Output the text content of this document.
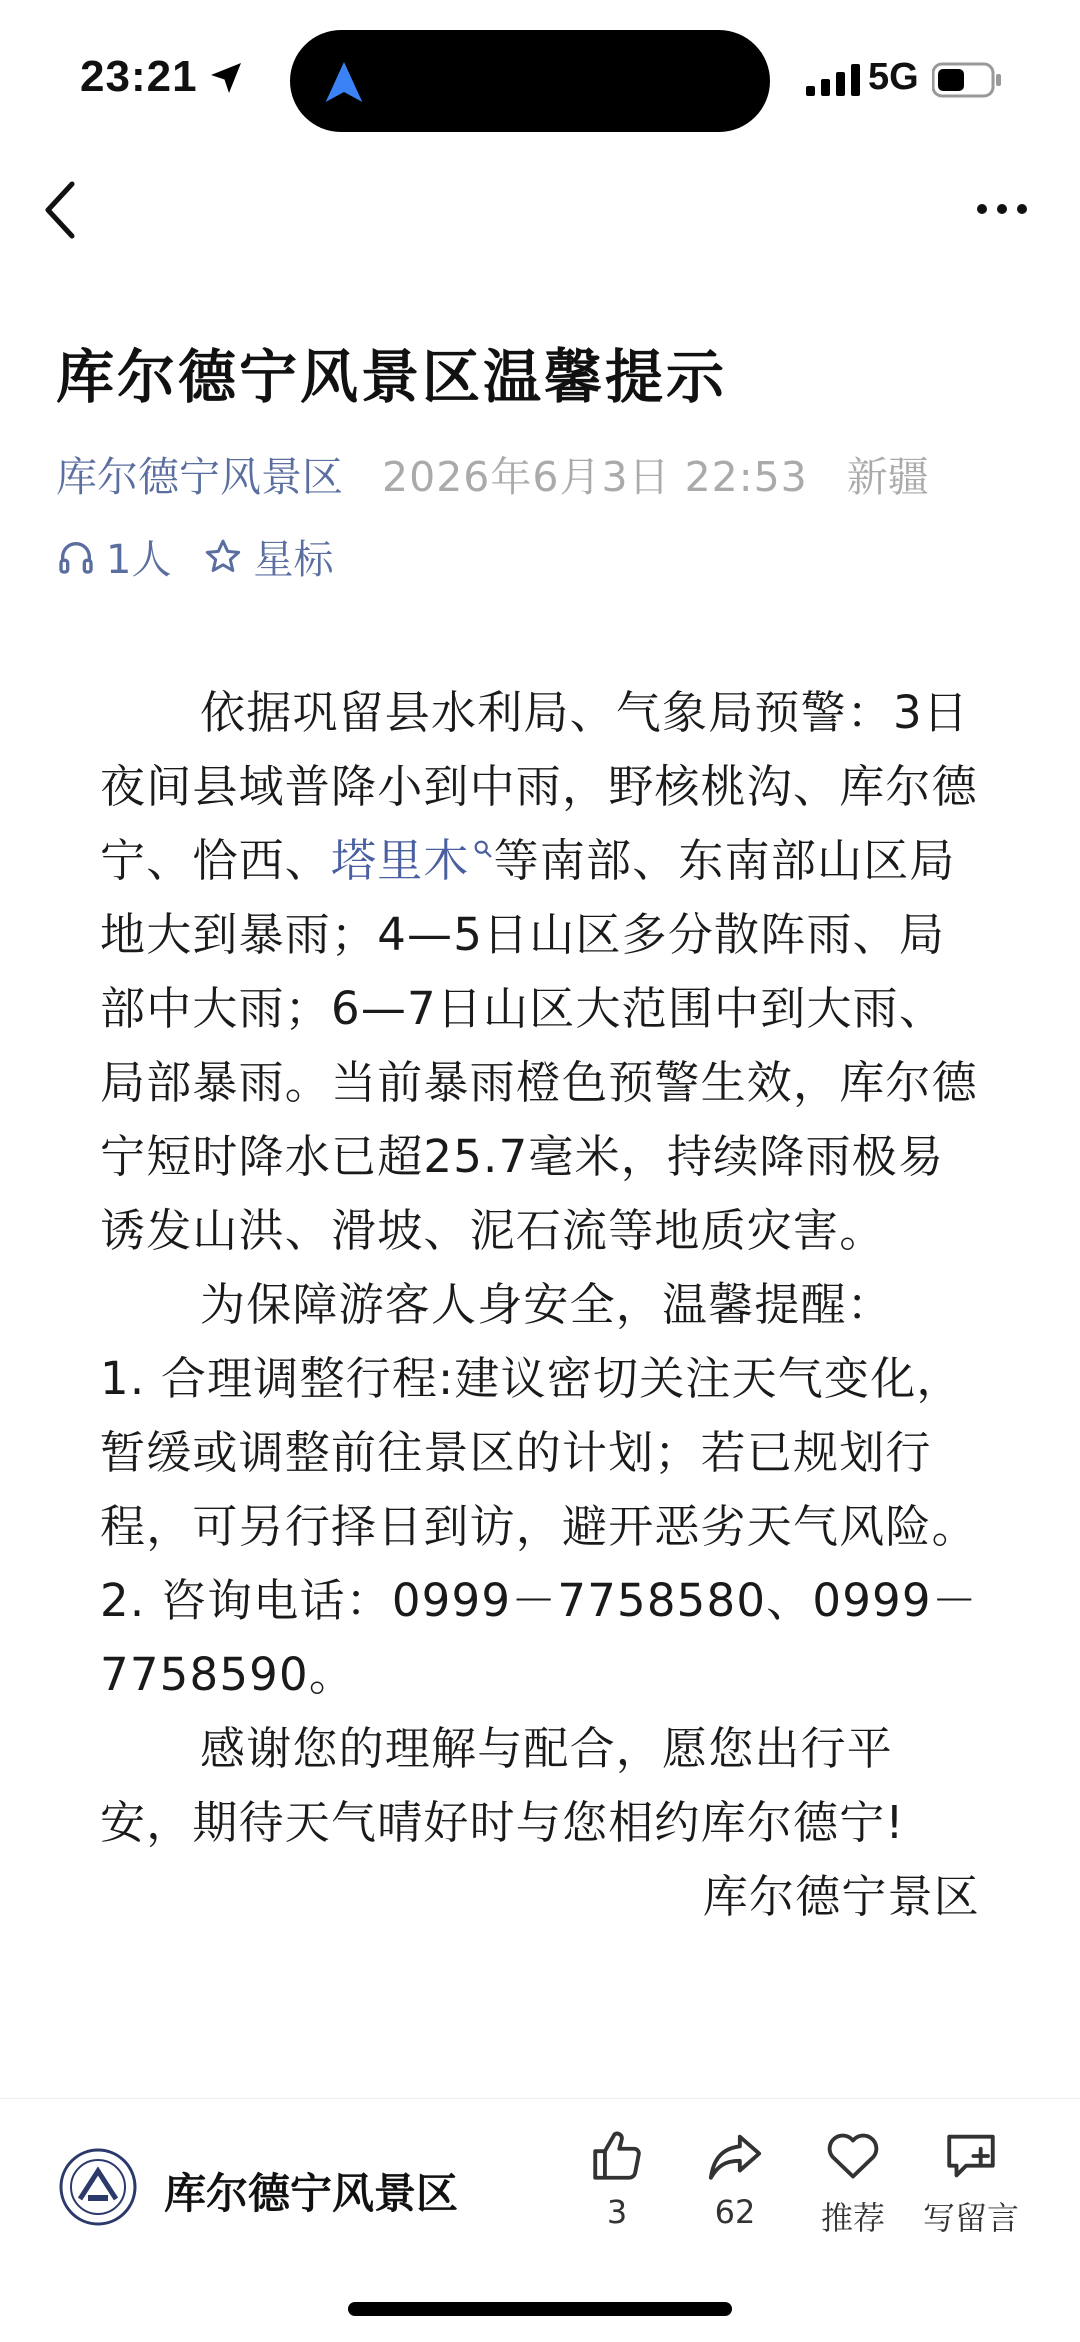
23:21	5G
库尔德宁风景区温馨提示
库尔德宁风景区 2026年6月3日 22:53 新疆
1人 星标

依据巩留县水利局、气象局预警：3日夜间县域普降小到中雨，野核桃沟、库尔德宁、恰西、塔里木 等南部、东南部山区局地大到暴雨；4—5日山区多分散阵雨、局部中大雨；6—7日山区大范围中到大雨、局部暴雨。当前暴雨橙色预警生效，库尔德宁短时降水已超25.7毫米，持续降雨极易诱发山洪、滑坡、泥石流等地质灾害。

为保障游客人身安全，温馨提醒：

1. 合理调整行程:建议密切关注天气变化，暂缓或调整前往景区的计划；若已规划行程，可另行择日到访，避开恶劣天气风险。

2. 咨询电话：0999－7758580、0999－7758590。

感谢您的理解与配合，愿您出行平安，期待天气晴好时与您相约库尔德宁!

库尔德宁景区

库尔德宁风景区	3	62	推荐	写留言
